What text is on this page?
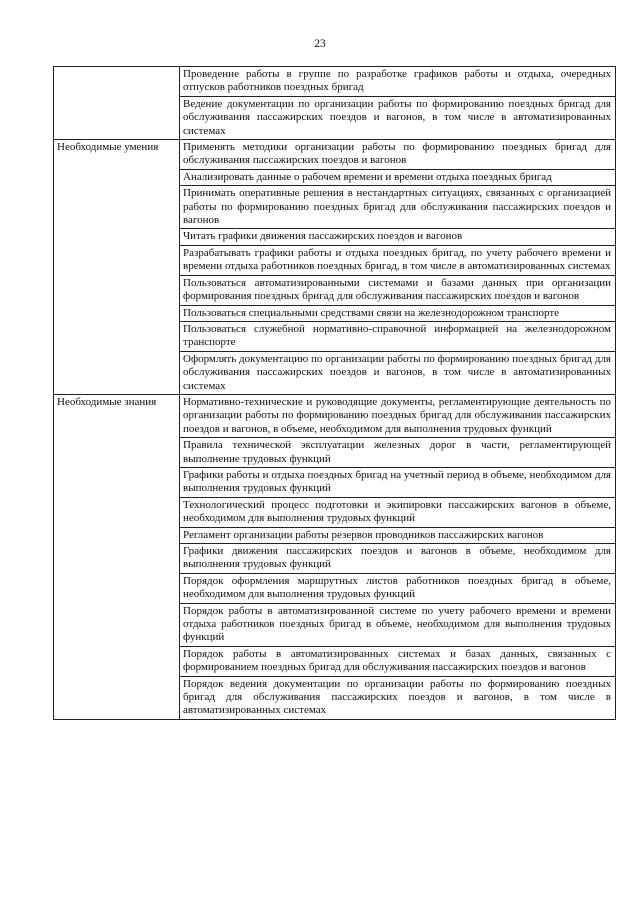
23
	Проведение работы в группе по разработке графиков работы и отдыха, очередных отпусков работников поездных бригад
	Ведение документации по организации работы по формированию поездных бригад для обслуживания пассажирских поездов и вагонов, в том числе в автоматизированных системах
Необходимые умения	Применять методики организации работы по формированию поездных бригад для обслуживания пассажирских поездов и вагонов
	Анализировать данные о рабочем времени и времени отдыха поездных бригад
	Принимать оперативные решения в нестандартных ситуациях, связанных с организацией работы по формированию поездных бригад для обслуживания пассажирских поездов и вагонов
	Читать графики движения пассажирских поездов и вагонов
	Разрабатывать графики работы и отдыха поездных бригад, по учету рабочего времени и времени отдыха работников поездных бригад, в том числе в автоматизированных системах
	Пользоваться автоматизированными системами и базами данных при организации формирования поездных бригад для обслуживания пассажирских поездов и вагонов
	Пользоваться специальными средствами связи на железнодорожном транспорте
	Пользоваться служебной нормативно-справочной информацией на железнодорожном транспорте
	Оформлять документацию по организации работы по формированию поездных бригад для обслуживания пассажирских поездов и вагонов, в том числе в автоматизированных системах
Необходимые знания	Нормативно-технические и руководящие документы, регламентирующие деятельность по организации работы по формированию поездных бригад для обслуживания пассажирских поездов и вагонов, в объеме, необходимом для выполнения трудовых функций
	Правила технической эксплуатации железных дорог в части, регламентирующей выполнение трудовых функций
	Графики работы и отдыха поездных бригад на учетный период в объеме, необходимом для выполнения трудовых функций
	Технологический процесс подготовки и экипировки пассажирских вагонов в объеме, необходимом для выполнения трудовых функций
	Регламент организации работы резервов проводников пассажирских вагонов
	Графики движения пассажирских поездов и вагонов в объеме, необходимом для выполнения трудовых функций
	Порядок оформления маршрутных листов работников поездных бригад в объеме, необходимом для выполнения трудовых функций
	Порядок работы в автоматизированной системе по учету рабочего времени и времени отдыха работников поездных бригад в объеме, необходимом для выполнения трудовых функций
	Порядок работы в автоматизированных системах и базах данных, связанных с формированием поездных бригад для обслуживания пассажирских поездов и вагонов
	Порядок ведения документации по организации работы по формированию поездных бригад для обслуживания пассажирских поездов и вагонов, в том числе в автоматизированных системах
